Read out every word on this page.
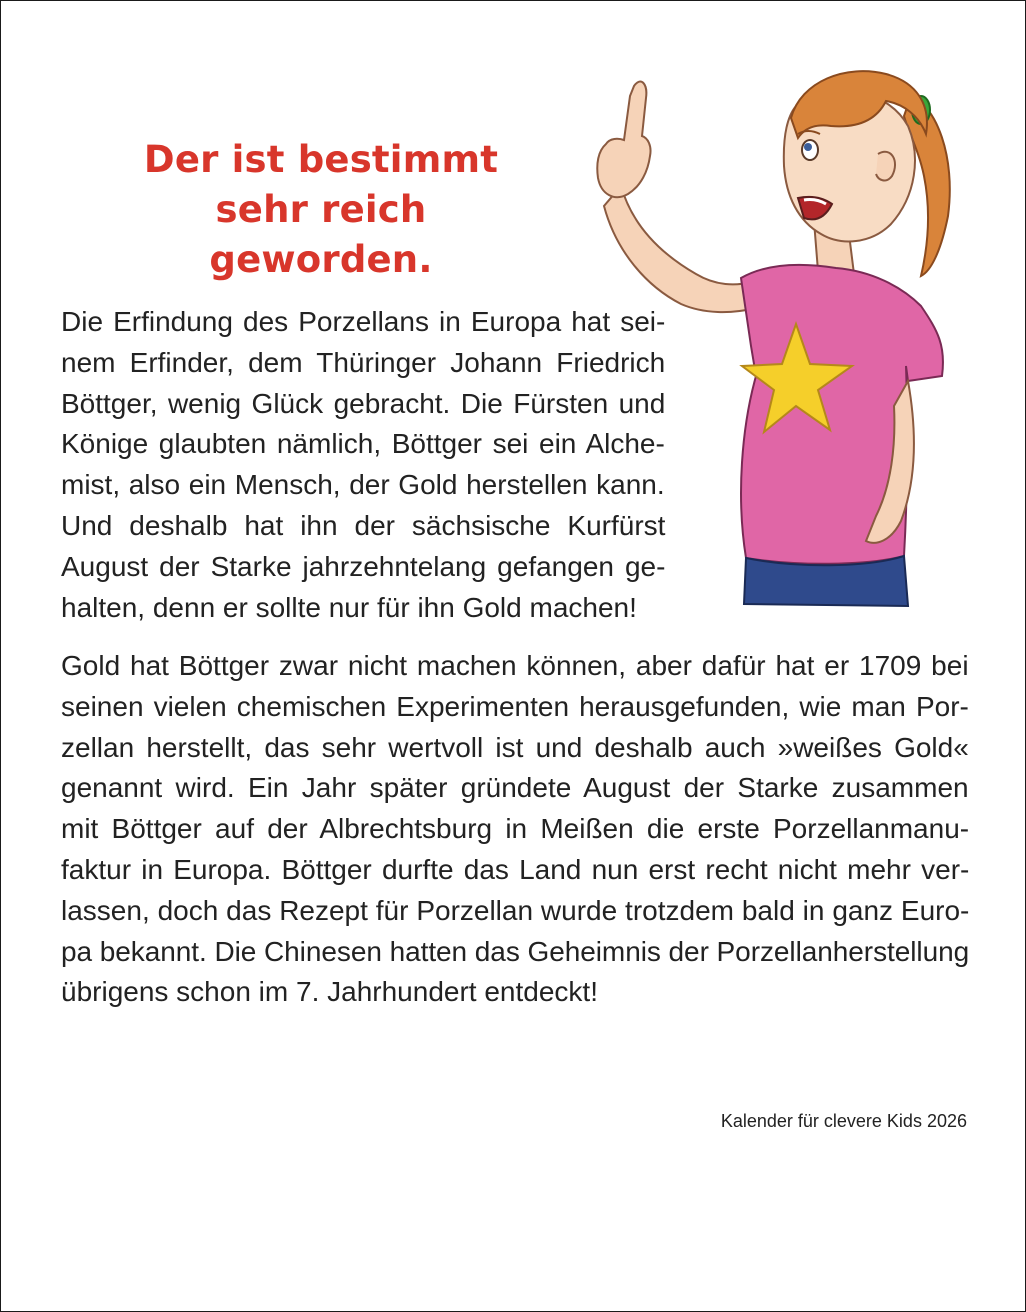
Der ist bestimmt
sehr reich geworden.
Die Erfindung des Porzellans in Europa hat sei-
nem Erfinder, dem Thüringer Johann Friedrich
Böttger, wenig Glück gebracht. Die Fürsten und
Könige glaubten nämlich, Böttger sei ein Alche-
mist, also ein Mensch, der Gold herstellen kann.
Und deshalb hat ihn der sächsische Kurfürst
August der Starke jahrzehntelang gefangen ge-
halten, denn er sollte nur für ihn Gold machen!
Gold hat Böttger zwar nicht machen können, aber dafür hat er 1709 bei
seinen vielen chemischen Experimenten herausgefunden, wie man Por-
zellan herstellt, das sehr wertvoll ist und deshalb auch »weißes Gold«
genannt wird. Ein Jahr später gründete August der Starke zusammen
mit Böttger auf der Albrechtsburg in Meißen die erste Porzellanmanu-
faktur in Europa. Böttger durfte das Land nun erst recht nicht mehr ver-
lassen, doch das Rezept für Porzellan wurde trotzdem bald in ganz Euro-
pa bekannt. Die Chinesen hatten das Geheimnis der Porzellanherstellung
übrigens schon im 7. Jahrhundert entdeckt!
Kalender für clevere Kids 2026
